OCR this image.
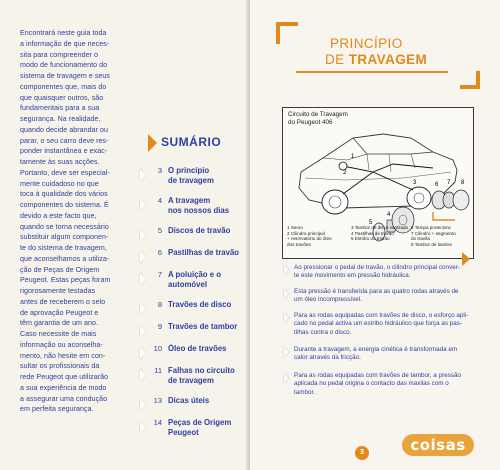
Encontrará neste guia toda
a informação de que neces-
sita para compreender o
modo de funcionamento do
sistema de travagem e seus
componentes que, mais do
que quaisquer outros, são
fundamentais para a sua
segurança. Na realidade,
quando decide abrandar ou
parar, o seu carro deve res-
ponder instantânea e exac-
tamente às suas acções.
Portanto, deve ser especial-
mente cuidadoso no que
toca à qualidade dos vários
componentes do sistema. É
devido a este facto que,
quando se torna necessário
substituir algum componen-
te do sistema de travagem,
que aconselhamos a utiliza-
ção de Peças de Origem
Peugeot. Estas peças foram
rigorosamente testadas
antes de receberem o selo
de aprovação Peugeot e
têm garantia de um ano.
Caso necessite de mais
informação ou aconselha-
mento, não hesite em con-
sultar os profissionais da
rede Peugeot que utilizarão
a sua experiência de modo
a assegurar uma condução
em perfeita segurança.
SUMÁRIO
3 O princípio
de travagem
4 A travagem
nos nossos dias
5 Discos de travão
6 Pastilhas de travão
7 A poluição e o
automóvel
8 Travões de disco
9 Travões de tambor
10 Óleo de travões
11 Falhas no circuito
de travagem
13 Dicas úteis
14 Peças de Origem
Peugeot
PRINCÍPIO
DE TRAVAGEM
Circuito de Travagem
do Peugeot 406
1
2
3
4
5
6 7 8
1 Servo
2 Cilindro principal
+ reservatório do óleo
dos travões
3 Tambor de disco ventilado
4 Pastilhas de travão
5 Estribo do travão
6 Tampa protectora
7 Cilindro + segmento
do travão
8 Tambor de tambor
Ao pressionar o pedal de travão, o cilindro principal conver-
te este movimento em pressão hidráulica.
Esta pressão é transferida para as quatro rodas através de
um óleo incompressível.
Para as rodas equipadas com travões de disco, o esforço apli-
cado no pedal activa um estribo hidráulico que força as pas-
tilhas contra o disco.
Durante a travagem, a energia cinética é transformada em
calor através da fricção.
Para as rodas equipadas com travões de tambor, a pressão
aplicada no pedal origina o contacto das maxilas com o
tambor.
3	coisas
